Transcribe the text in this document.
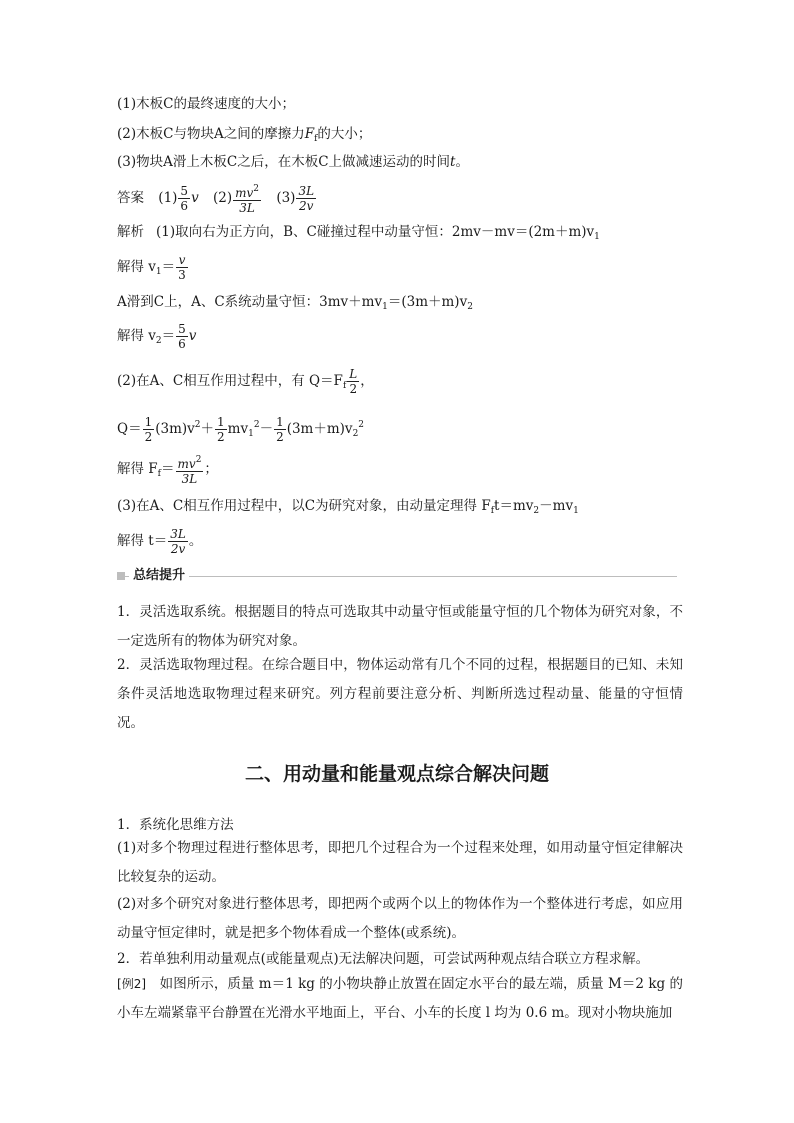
(1)木板C的最终速度的大小；
(2)木板C与物块A之间的摩擦力$F_f$的大小；
(3)物块A滑上木板C之后，在木板C上做减速运动的时间t。
答案 $(1) \frac{5}{6}$ v $(2) \frac{mv^2}{3L} (3) \frac{3L}{2v}$
解析 (1)取向右为正方向，B、C碰撞过程中动量守恒：$2mv-mv=(2m+m)v_1$
解得 $v_1= \frac{v}{3}$
A滑到C上，A、C系统动量守恒：$3mv+mv_1=(3m+m)v_2$
解得 $v_2= \frac{5}{6}$ v
(2)在A、C相互作用过程中，有 $Q=F_f \frac{L}{2}$ ，
$Q= \frac{1}{2} (3m)v^2+ \frac{1}{2} mv_1^2- \frac{1}{2} (3m+m)v_2^2$
解得 $F_f= \frac{mv^2}{3L}$ ；
(3)在A、C相互作用过程中，以C为研究对象，由动量定理得 $F_ft=mv_2-mv_1$
解得 $t= \frac{3L}{2v}$ 。
总结提升
1．灵活选取系统。根据题目的特点可选取其中动量守恒或能量守恒的几个物体为研究对象，不一定选所有的物体为研究对象。
2．灵活选取物理过程。在综合题目中，物体运动常有几个不同的过程，根据题目的已知、未知条件灵活地选取物理过程来研究。列方程前要注意分析、判断所选过程动量、能量的守恒情况。
二、用动量和能量观点综合解决问题
1．系统化思维方法
(1)对多个物理过程进行整体思考，即把几个过程合为一个过程来处理，如用动量守恒定律解决比较复杂的运动。
(2)对多个研究对象进行整体思考，即把两个或两个以上的物体作为一个整体进行考虑，如应用动量守恒定律时，就是把多个物体看成一个整体(或系统)。
2．若单独利用动量观点(或能量观点)无法解决问题，可尝试两种观点结合联立方程求解。
[例2]　如图所示，质量 m＝1 kg 的小物块静止放置在固定水平台的最左端，质量 M＝2 kg 的小车左端紧靠平台静置在光滑水平地面上，平台、小车的长度 l 均为 0.6 m。现对小物块施加
